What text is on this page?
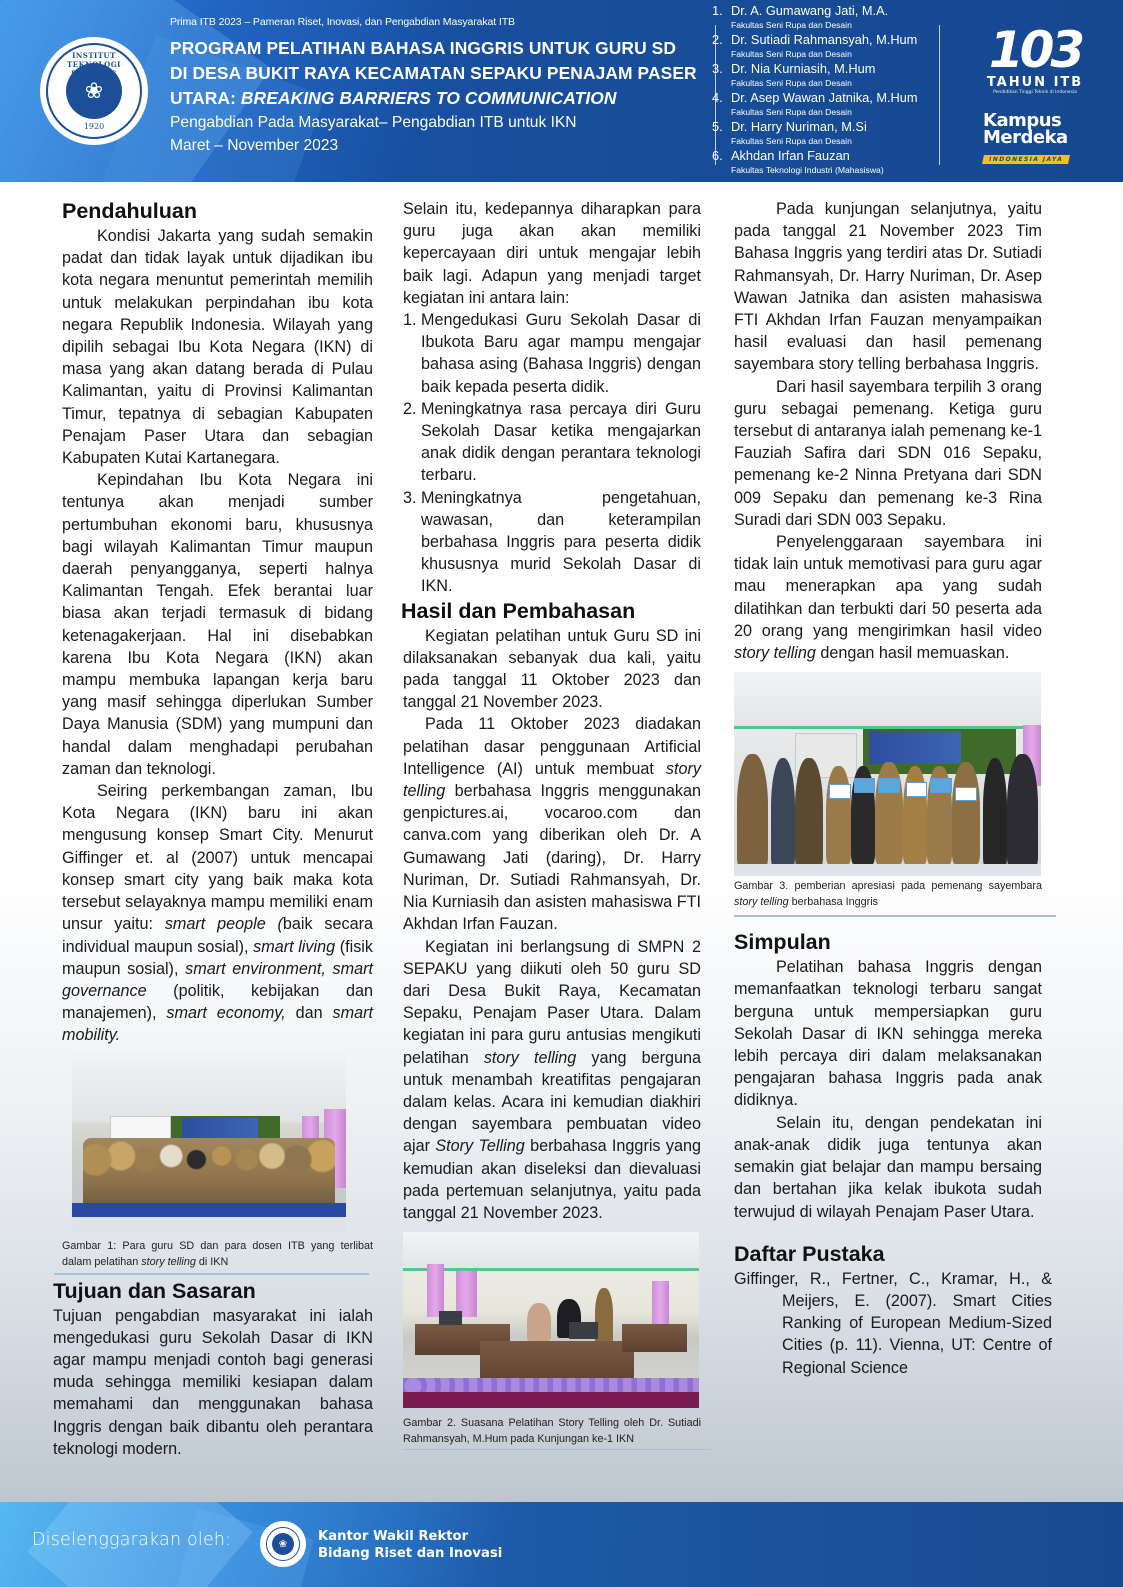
INSTITUT TEKNOLOGI BANDUNG
❀
1920
Prima ITB 2023 – Pameran Riset, Inovasi, dan Pengabdian Masyarakat ITB
PROGRAM PELATIHAN BAHASA INGGRIS UNTUK GURU SD
DI DESA BUKIT RAYA KECAMATAN SEPAKU PENAJAM PASER
UTARA: BREAKING BARRIERS TO COMMUNICATION
Pengabdian Pada Masyarakat– Pengabdian ITB untuk IKN
Maret – November 2023
1. Dr. A. Gumawang Jati, M.A.
Fakultas Seni Rupa dan Desain
2. Dr. Sutiadi Rahmansyah, M.Hum
Fakultas Seni Rupa dan Desain
3. Dr. Nia Kurniasih, M.Hum
Fakultas Seni Rupa dan Desain
4. Dr. Asep Wawan Jatnika, M.Hum
Fakultas Seni Rupa dan Desain
5. Dr. Harry Nuriman, M.Si
Fakultas Seni Rupa dan Desain
6. Akhdan Irfan Fauzan
Fakultas Teknologi Industri (Mahasiswa)
103
TAHUN ITB
Pendidikan Tinggi Teknik di Indonesia
Kampus
Merdeka
INDONESIA JAYA
Pendahuluan

Kondisi Jakarta yang sudah semakin padat dan tidak layak untuk dijadikan ibu kota negara menuntut pemerintah memilih untuk melakukan perpindahan ibu kota negara Republik Indonesia. Wilayah yang dipilih sebagai Ibu Kota Negara (IKN) di masa yang akan datang berada di Pulau Kalimantan, yaitu di Provinsi Kalimantan Timur, tepatnya di sebagian Kabupaten Penajam Paser Utara dan sebagian Kabupaten Kutai Kartanegara.

Kepindahan Ibu Kota Negara ini tentunya akan menjadi sumber pertumbuhan ekonomi baru, khususnya bagi wilayah Kalimantan Timur maupun daerah penyangganya, seperti halnya Kalimantan Tengah. Efek berantai luar biasa akan terjadi termasuk di bidang ketenagakerjaan. Hal ini disebabkan karena Ibu Kota Negara (IKN) akan mampu membuka lapangan kerja baru yang masif sehingga diperlukan Sumber Daya Manusia (SDM) yang mumpuni dan handal dalam menghadapi perubahan zaman dan teknologi.

Seiring perkembangan zaman, Ibu Kota Negara (IKN) baru ini akan mengusung konsep Smart City. Menurut Giffinger et. al (2007) untuk mencapai konsep smart city yang baik maka kota tersebut selayaknya mampu memiliki enam unsur yaitu: smart people (baik secara individual maupun sosial), smart living (fisik maupun sosial), smart environment, smart governance (politik, kebijakan dan manajemen), smart economy, dan smart mobility.

Gambar 1: Para guru SD dan para dosen ITB yang terlibat dalam pelatihan story telling di IKN

Tujuan dan Sasaran

Tujuan pengabdian masyarakat ini ialah mengedukasi guru Sekolah Dasar di IKN agar mampu menjadi contoh bagi generasi muda sehingga memiliki kesiapan dalam memahami dan menggunakan bahasa Inggris dengan baik dibantu oleh perantara teknologi modern.

Selain itu, kedepannya diharapkan para guru juga akan akan memiliki kepercayaan diri untuk mengajar lebih baik lagi. Adapun yang menjadi target kegiatan ini antara lain:

1. Mengedukasi Guru Sekolah Dasar di Ibukota Baru agar mampu mengajar bahasa asing (Bahasa Inggris) dengan baik kepada peserta didik.
2. Meningkatnya rasa percaya diri Guru Sekolah Dasar ketika mengajarkan anak didik dengan perantara teknologi terbaru.
3. Meningkatnya pengetahuan, wawasan, dan keterampilan berbahasa Inggris para peserta didik khususnya murid Sekolah Dasar di IKN.
Hasil dan Pembahasan

Kegiatan pelatihan untuk Guru SD ini dilaksanakan sebanyak dua kali, yaitu pada tanggal 11 Oktober 2023 dan tanggal 21 November 2023.

Pada 11 Oktober 2023 diadakan pelatihan dasar penggunaan Artificial Intelligence (AI) untuk membuat story telling berbahasa Inggris menggunakan genpictures.ai, vocaroo.com dan canva.com yang diberikan oleh Dr. A Gumawang Jati (daring), Dr. Harry Nuriman, Dr. Sutiadi Rahmansyah, Dr. Nia Kurniasih dan asisten mahasiswa FTI Akhdan Irfan Fauzan.

Kegiatan ini berlangsung di SMPN 2 SEPAKU yang diikuti oleh 50 guru SD dari Desa Bukit Raya, Kecamatan Sepaku, Penajam Paser Utara. Dalam kegiatan ini para guru antusias mengikuti pelatihan story telling yang berguna untuk menambah kreatifitas pengajaran dalam kelas. Acara ini kemudian diakhiri dengan sayembara pembuatan video ajar Story Telling berbahasa Inggris yang kemudian akan diseleksi dan dievaluasi pada pertemuan selanjutnya, yaitu pada tanggal 21 November 2023.

Gambar 2. Suasana Pelatihan Story Telling oleh Dr. Sutiadi Rahmansyah, M.Hum pada Kunjungan ke-1 IKN

Pada kunjungan selanjutnya, yaitu pada tanggal 21 November 2023 Tim Bahasa Inggris yang terdiri atas Dr. Sutiadi Rahmansyah, Dr. Harry Nuriman, Dr. Asep Wawan Jatnika dan asisten mahasiswa FTI Akhdan Irfan Fauzan menyampaikan hasil evaluasi dan hasil pemenang sayembara story telling berbahasa Inggris.

Dari hasil sayembara terpilih 3 orang guru sebagai pemenang. Ketiga guru tersebut di antaranya ialah pemenang ke-1 Fauziah Safira dari SDN 016 Sepaku, pemenang ke-2 Ninna Pretyana dari SDN 009 Sepaku dan pemenang ke-3 Rina Suradi dari SDN 003 Sepaku.

Penyelenggaraan sayembara ini tidak lain untuk memotivasi para guru agar mau menerapkan apa yang sudah dilatihkan dan terbukti dari 50 peserta ada 20 orang yang mengirimkan hasil video story telling dengan hasil memuaskan.

Gambar 3. pemberian apresiasi pada pemenang sayembara story telling berbahasa Inggris

Simpulan

Pelatihan bahasa Inggris dengan memanfaatkan teknologi terbaru sangat berguna untuk mempersiapkan guru Sekolah Dasar di IKN sehingga mereka lebih percaya diri dalam melaksanakan pengajaran bahasa Inggris pada anak didiknya.

Selain itu, dengan pendekatan ini anak-anak didik juga tentunya akan semakin giat belajar dan mampu bersaing dan bertahan jika kelak ibukota sudah terwujud di wilayah Penajam Paser Utara.

Daftar Pustaka

Giffinger, R., Fertner, C., Kramar, H., & Meijers, E. (2007). Smart Cities Ranking of European Medium-Sized Cities (p. 11). Vienna, UT: Centre of Regional Science

Diselenggarakan oleh:	❀	Kantor Wakil Rektor
Bidang Riset dan Inovasi
